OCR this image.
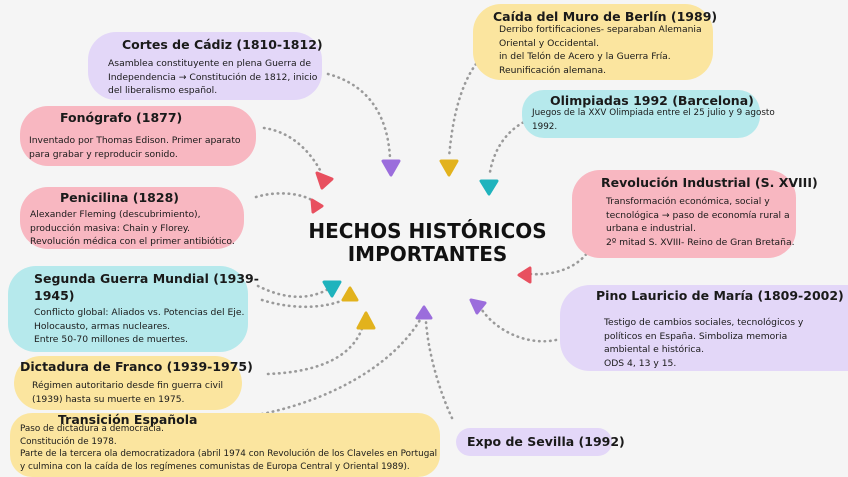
HECHOS HISTÓRICOS IMPORTANTES
Cortes de Cádiz (1810-1812)
Asamblea constituyente en plena Guerra de
Independencia → Constitución de 1812, inicio
del liberalismo español.
Fonógrafo (1877)
Inventado por Thomas Edison. Primer aparato
para grabar y reproducir sonido.
Penicilina (1828)
Alexander Fleming (descubrimiento),
producción masiva: Chain y Florey.
Revolución médica con el primer antibiótico.
Segunda Guerra Mundial (1939-
1945)
Conflicto global: Aliados vs. Potencias del Eje.
Holocausto, armas nucleares.
Entre 50-70 millones de muertes.
Dictadura de Franco (1939-1975)
Régimen autoritario desde fin guerra civil
(1939) hasta su muerte en 1975.
Transición Española
Paso de dictadura a democracia.
Constitución de 1978.
Parte de la tercera ola democratizadora (abril 1974 con Revolución de los Claveles en Portugal
y culmina con la caída de los regímenes comunistas de Europa Central y Oriental 1989).
Caída del Muro de Berlín (1989)
Derribo fortificaciones- separaban Alemania
Oriental y Occidental.
in del Telón de Acero y la Guerra Fría.
Reunificación alemana.
Olimpiadas 1992 (Barcelona)
Juegos de la XXV Olimpiada entre el 25 julio y 9 agosto
1992.
Revolución Industrial (S. XVIII)
Transformación económica, social y
tecnológica → paso de economía rural a
urbana e industrial.
2º mitad S. XVIII- Reino de Gran Bretaña.
Pino Lauricio de María (1809-2002)
Testigo de cambios sociales, tecnológicos y
políticos en España. Simboliza memoria
ambiental e histórica.
ODS 4, 13 y 15.
Expo de Sevilla (1992)
